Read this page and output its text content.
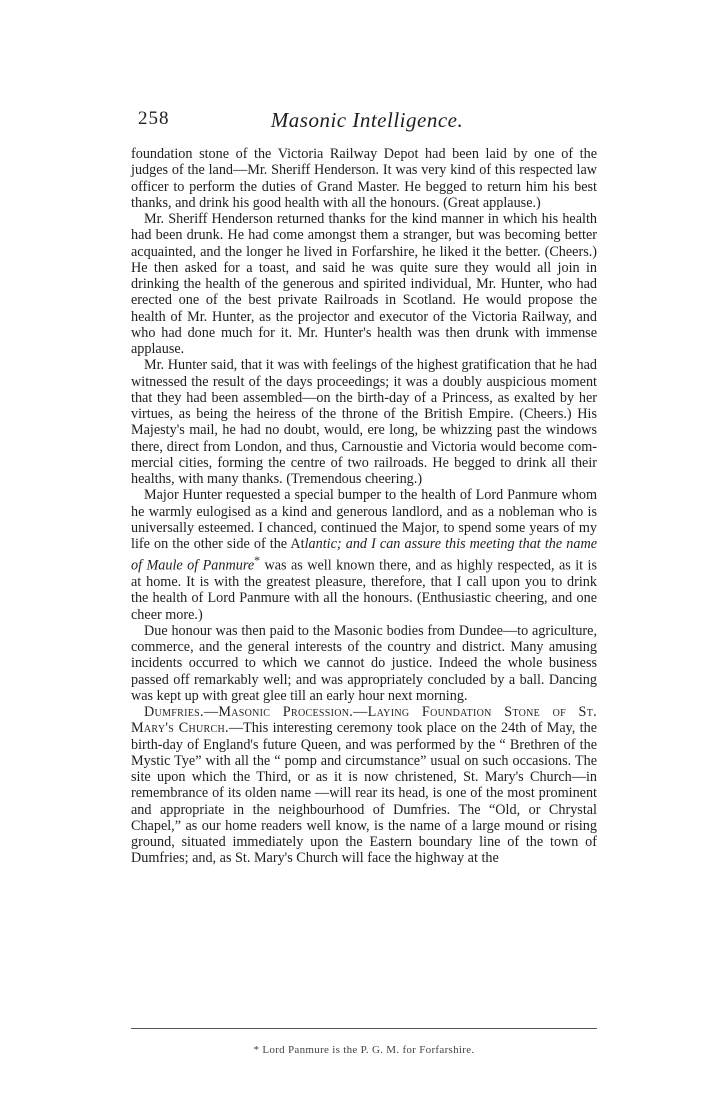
258	Masonic Intelligence.

foundation stone of the Victoria Railway Depot had been laid by one of the judges of the land—Mr. Sheriff Henderson. It was very kind of this respected law officer to perform the duties of Grand Master. He begged to return him his best thanks, and drink his good health with all the honours. (Great applause.)

Mr. Sheriff Henderson returned thanks for the kind manner in which his health had been drunk. He had come amongst them a stranger, but was becoming better acquainted, and the longer he lived in Forfarshire, he liked it the better. (Cheers.) He then asked for a toast, and said he was quite sure they would all join in drinking the health of the generous and spirited individual, Mr. Hunter, who had erected one of the best private Railroads in Scotland. He would propose the health of Mr. Hunter, as the projector and executor of the Victoria Railway, and who had done much for it. Mr. Hunter's health was then drunk with immense applause.

Mr. Hunter said, that it was with feelings of the highest gratification that he had witnessed the result of the days proceedings; it was a doubly auspicious moment that they had been assembled—on the birth-day of a Princess, as exalted by her virtues, as being the heiress of the throne of the British Empire. (Cheers.) His Majesty's mail, he had no doubt, would, ere long, be whizzing past the windows there, direct from London, and thus, Carnoustie and Victoria would become commercial cities, forming the centre of two railroads. He begged to drink all their healths, with many thanks. (Tremendous cheering.)

Major Hunter requested a special bumper to the health of Lord Panmure whom he warmly eulogised as a kind and generous landlord, and as a nobleman who is universally esteemed. I chanced, continued the Major, to spend some years of my life on the other side of the Atlantic; and I can assure this meeting that the name of Maule of Panmure* was as well known there, and as highly respected, as it is at home. It is with the greatest pleasure, therefore, that I call upon you to drink the health of Lord Panmure with all the honours. (Enthusiastic cheering, and one cheer more.)

Due honour was then paid to the Masonic bodies from Dundee—to agriculture, commerce, and the general interests of the country and district. Many amusing incidents occurred to which we cannot do justice. Indeed the whole business passed off remarkably well; and was appropriately concluded by a ball. Dancing was kept up with great glee till an early hour next morning.

Dumfries.—Masonic Procession.—Laying Foundation Stone of St. Mary's Church.—This interesting ceremony took place on the 24th of May, the birth-day of England's future Queen, and was performed by the “ Brethren of the Mystic Tye” with all the “ pomp and circumstance” usual on such occasions. The site upon which the Third, or as it is now christened, St. Mary's Church—in remembrance of its olden name —will rear its head, is one of the most prominent and appropriate in the neighbourhood of Dumfries. The “Old, or Chrystal Chapel,” as our home readers well know, is the name of a large mound or rising ground, situated immediately upon the Eastern boundary line of the town of Dumfries; and, as St. Mary's Church will face the highway at the

* Lord Panmure is the P. G. M. for Forfarshire.
